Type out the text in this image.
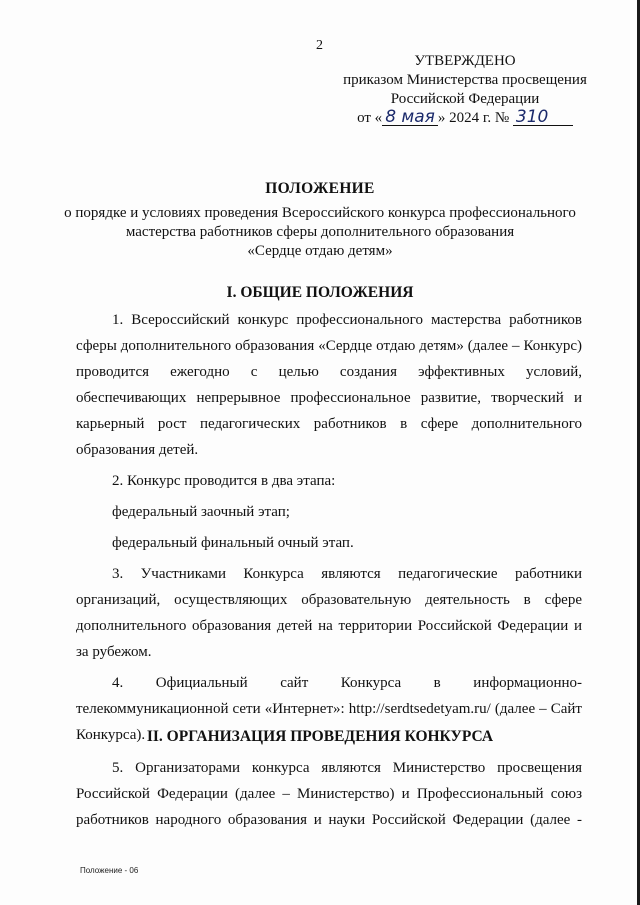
2
УТВЕРЖДЕНО
приказом Министерства просвещения
Российской Федерации
от « 8 мая » 2024 г. № 310
ПОЛОЖЕНИЕ
о порядке и условиях проведения Всероссийского конкурса профессионального
мастерства работников сферы дополнительного образования
«Сердце отдаю детям»
I. ОБЩИЕ ПОЛОЖЕНИЯ

1. Всероссийский конкурс профессионального мастерства работников сферы дополнительного образования «Сердце отдаю детям» (далее – Конкурс) проводится ежегодно с целью создания эффективных условий, обеспечивающих непрерывное профессиональное развитие, творческий и карьерный рост педагогических работников в сфере дополнительного образования детей.

2. Конкурс проводится в два этапа:

федеральный заочный этап;

федеральный финальный очный этап.

3. Участниками Конкурса являются педагогические работники организаций, осуществляющих образовательную деятельность в сфере дополнительного образования детей на территории Российской Федерации и за рубежом.

4. Официальный сайт Конкурса в информационно-телекоммуникационной сети «Интернет»: http://serdtsedetyam.ru/ (далее – Сайт Конкурса). II. ОРГАНИЗАЦИЯ ПРОВЕДЕНИЯ КОНКУРСА

5. Организаторами конкурса являются Министерство просвещения Российской Федерации (далее – Министерство) и Профессиональный союз работников народного образования и науки Российской Федерации (далее -

Положение - 06
